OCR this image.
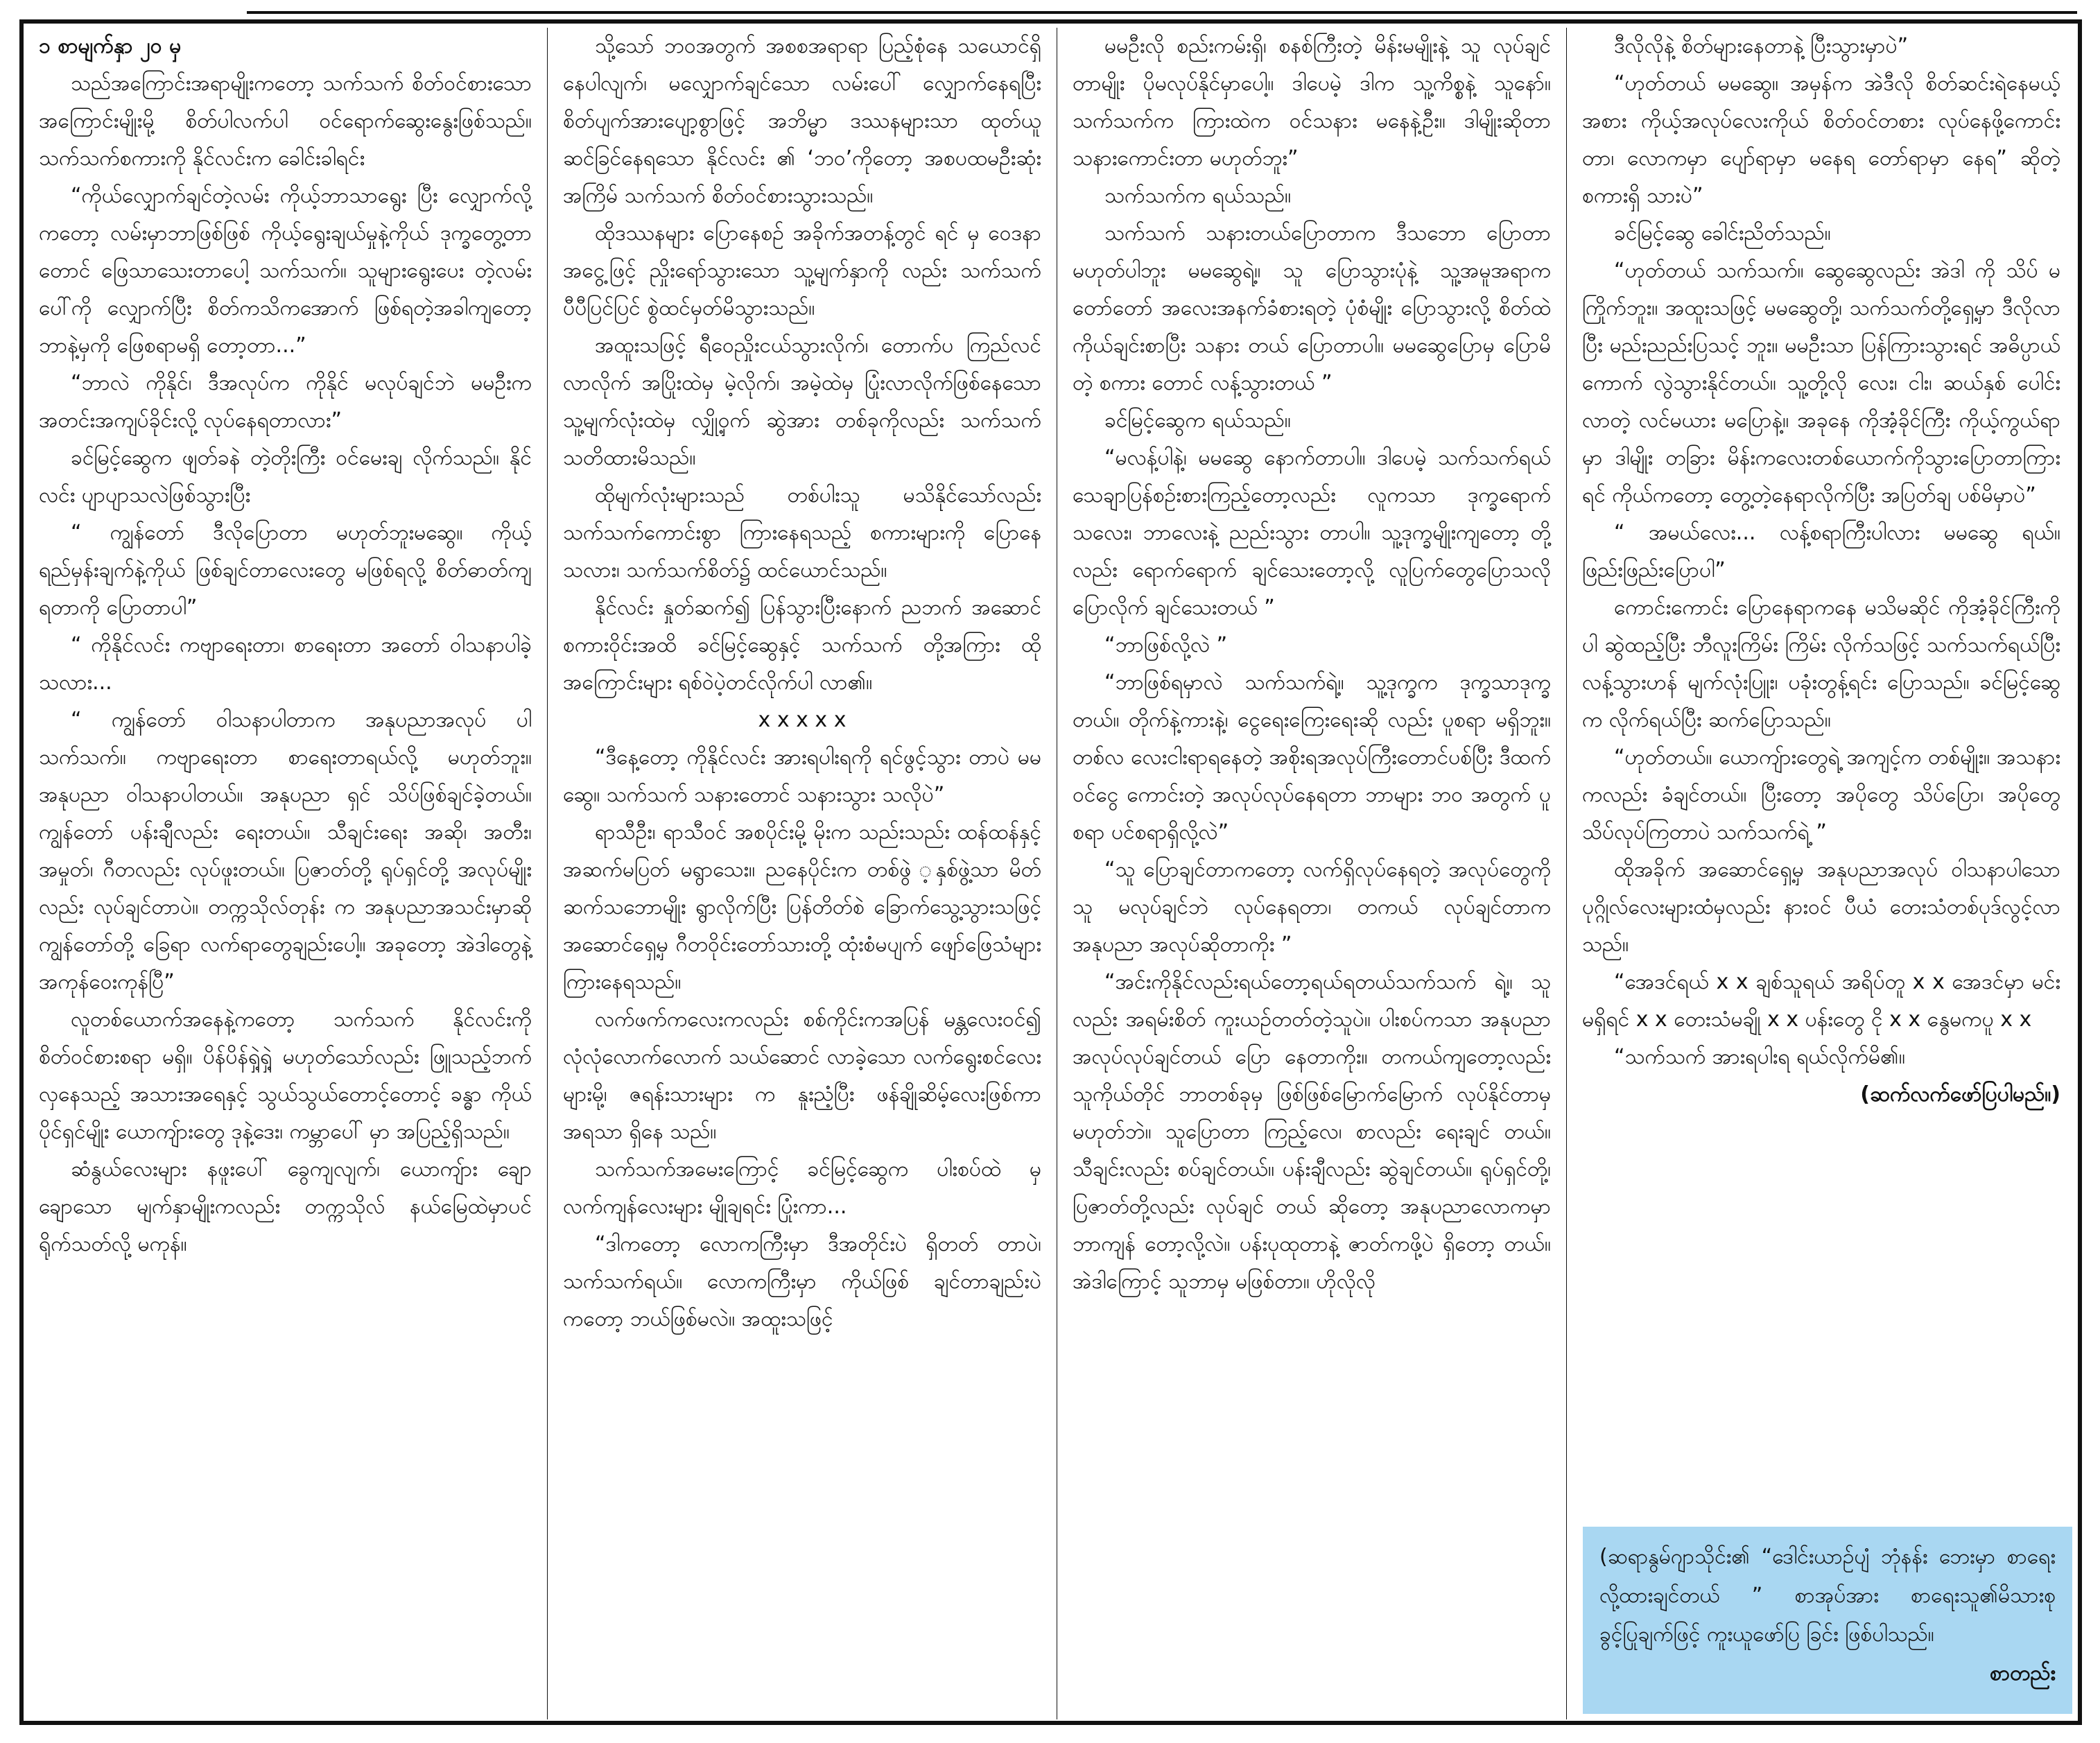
၁ စာမျက်နှာ ၂၀ မှ

သည်အကြောင်းအရာမျိုးကတော့ သက်သက် စိတ်ဝင်စားသော အကြောင်းမျိုးမို့ စိတ်ပါလက်ပါ ဝင်ရောက်ဆွေးနွေးဖြစ်သည်။ သက်သက်စကားကို နိုင်လင်းက ခေါင်းခါရင်း

“ကိုယ်လျှောက်ချင်တဲ့လမ်း ကိုယ့်ဘာသာရွေး ပြီး လျှောက်လို့ကတော့ လမ်းမှာဘာဖြစ်ဖြစ် ကိုယ့်ရွေးချယ်မှုနဲ့ကိုယ် ဒုက္ခတွေ့တာတောင် ဖြေသာသေးတာပေါ့ သက်သက်။ သူများရွေးပေး တဲ့လမ်းပေါ်ကို လျှောက်ပြီး စိတ်ကသိကအောက် ဖြစ်ရတဲ့အခါကျတော့ ဘာနဲ့မှကို ဖြေစရာမရှိ တော့တာ...”

“ဘာလဲ ကိုနိုင်၊ ဒီအလုပ်က ကိုနိုင် မလုပ်ချင်ဘဲ မမဦးက အတင်းအကျပ်ခိုင်းလို့ လုပ်နေရတာလား”

ခင်မြင့်ဆွေက ဖျတ်ခနဲ တဲ့တိုးကြီး ဝင်မေးချ လိုက်သည်။ နိုင်လင်း ပျာပျာသလဲဖြစ်သွားပြီး

“ ကျွန်တော် ဒီလိုပြောတာ မဟုတ်ဘူးမဆွေ။ ကိုယ့်ရည်မှန်းချက်နဲ့ကိုယ် ဖြစ်ချင်တာလေးတွေ မဖြစ်ရလို့ စိတ်ဓာတ်ကျရတာကို ပြောတာပါ”

“ ကိုနိုင်လင်း ကဗျာရေးတာ၊ စာရေးတာ အတော် ဝါသနာပါခဲ့သလား...

“ ကျွန်တော် ဝါသနာပါတာက အနုပညာအလုပ် ပါ သက်သက်။ ကဗျာရေးတာ စာရေးတာရယ်လို့ မဟုတ်ဘူး။ အနုပညာ ဝါသနာပါတယ်။ အနုပညာ ရှင် သိပ်ဖြစ်ချင်ခဲ့တယ်။ ကျွန်တော် ပန်းချီလည်း ရေးတယ်။ သီချင်းရေး အဆို၊ အတီး၊ အမှုတ်၊ ဂီတလည်း လုပ်ဖူးတယ်။ ပြဇာတ်တို့ ရုပ်ရှင်တို့ အလုပ်မျိုးလည်း လုပ်ချင်တာပဲ။ တက္ကသိုလ်တုန်း က အနုပညာအသင်းမှာဆို ကျွန်တော်တို့ ခြေရာ လက်ရာတွေချည်းပေါ့။ အခုတော့ အဲဒါတွေနဲ့ အကုန်ဝေးကုန်ပြီ”

လူတစ်ယောက်အနေနဲ့ကတော့ သက်သက် နိုင်လင်းကို စိတ်ဝင်စားစရာ မရှိ။ ပိန်ပိန်ရှဲ့ရှဲ့ မဟုတ်သော်လည်း ဖြူသည့်ဘက် လှနေသည့် အသားအရေနှင့် သွယ်သွယ်တောင့်တောင့် ခန္ဓာ ကိုယ် ပိုင်ရှင်မျိုး ယောကျ်ားတွေ ဒုနဲ့ဒေး၊ ကမ္ဘာပေါ် မှာ အပြည့်ရှိသည်။

ဆံနွယ်လေးများ နဖူးပေါ် ခွေကျလျက်၊ ယောကျ်ား ချောချောသော မျက်နှာမျိုးကလည်း တက္ကသိုလ် နယ်မြေထဲမှာပင် ရိုက်သတ်လို့ မကုန်။

သို့သော် ဘဝအတွက် အစစအရာရာ ပြည့်စုံနေ သယောင်ရှိနေပါလျက်၊ မလျှောက်ချင်သော လမ်းပေါ် လျှောက်နေရပြီး စိတ်ပျက်အားပျော့စွာဖြင့် အဘိမ္မာ ဒဿနများသာ ထုတ်ယူဆင်ခြင်နေရသော နိုင်လင်း ၏ ‘ဘဝ’ကိုတော့ အစပထမဦးဆုံးအကြိမ် သက်သက် စိတ်ဝင်စားသွားသည်။

ထိုဒဿနများ ပြောနေစဉ် အခိုက်အတန့်တွင် ရင် မှ ဝေဒနာအငွေ့ဖြင့် ညှိုးရော်သွားသော သူ့မျက်နှာကို လည်း သက်သက် ပီပီပြင်ပြင် စွဲထင်မှတ်မိသွားသည်။

အထူးသဖြင့် ရီဝေညှိုးငယ်သွားလိုက်၊ တောက်ပ ကြည်လင်လာလိုက် အပြိုးထဲမှ မဲ့လိုက်၊ အမဲ့ထဲမှ ပြုံးလာလိုက်ဖြစ်နေသော သူ့မျက်လုံးထဲမှ လျှို့ဝှက် ဆွဲအား တစ်ခုကိုလည်း သက်သက် သတိထားမိသည်။

ထိုမျက်လုံးများသည် တစ်ပါးသူ မသိနိုင်သော်လည်း သက်သက်ကောင်းစွာ ကြားနေရသည့် စကားများကို ပြောနေသလား၊ သက်သက်စိတ်၌ ထင်ယောင်သည်။

နိုင်လင်း နှုတ်ဆက်၍ ပြန်သွားပြီးနောက် ညဘက် အဆောင် စကားဝိုင်းအထိ ခင်မြင့်ဆွေနှင့် သက်သက် တို့အကြား ထိုအကြောင်းများ ရစ်ဝဲပဲ့တင်လိုက်ပါ လာ၏။

x x x x x

“ဒီနေ့တော့ ကိုနိုင်လင်း အားရပါးရကို ရင်ဖွင့်သွား တာပဲ မမဆွေ။ သက်သက် သနားတောင် သနားသွား သလိုပဲ”

ရာသီဦး၊ ရာသီဝင် အစပိုင်းမို့ မိုးက သည်းသည်း ထန်ထန်နှင့် အဆက်မပြတ် မရွာသေး။ ညနေပိုင်းက တစ်ဖွဲ ့နှစ်ဖွဲ့သာ မိတ်ဆက်သဘောမျိုး ရွာလိုက်ပြီး ပြန်တိတ်စဲ ခြောက်သွေ့သွားသဖြင့် အဆောင်ရှေ့မှ ဂီတဝိုင်းတော်သားတို့ ထုံးစံမပျက် ဖျော်ဖြေသံများ ကြားနေရသည်။

လက်ဖက်ကလေးကလည်း စစ်ကိုင်းကအပြန် မန္တလေးဝင်၍ လုံလုံလောက်လောက် သယ်ဆောင် လာခဲ့သော လက်ရွေးစင်လေးများမို့၊ ဇရန်းသားများ က နူးညံ့ပြီး ဖန်ချိုဆိမ့်လေးဖြစ်ကာ အရသာ ရှိနေ သည်။

သက်သက်အမေးကြောင့် ခင်မြင့်ဆွေက ပါးစပ်ထဲ မှ လက်ကျန်လေးများ မျိုချရင်း ပြုံးကာ...

“ဒါကတော့ လောကကြီးမှာ ဒီအတိုင်းပဲ ရှိတတ် တာပဲ၊ သက်သက်ရယ်။ လောကကြီးမှာ ကိုယ်ဖြစ် ချင်တာချည်းပဲကတော့ ဘယ်ဖြစ်မလဲ။ အထူးသဖြင့်

မမဦးလို စည်းကမ်းရှိ၊ စနစ်ကြီးတဲ့ မိန်းမမျိုးနဲ့ သူ လုပ်ချင်တာမျိုး ပိုမလုပ်နိုင်မှာပေါ့။ ဒါပေမဲ့ ဒါက သူ့ကိစ္စနဲ့ သူနော်။ သက်သက်က ကြားထဲက ဝင်သနား မနေနဲ့ဦး။ ဒါမျိုးဆိုတာ သနားကောင်းတာ မဟုတ်ဘူး”

သက်သက်က ရယ်သည်။

သက်သက် သနားတယ်ပြောတာက ဒီသဘော ပြောတာ မဟုတ်ပါဘူး မမဆွေရဲ့။ သူ ပြောသွားပုံနဲ့ သူ့အမူအရာက တော်တော် အလေးအနက်ခံစားရတဲ့ ပုံစံမျိုး ပြောသွားလို့ စိတ်ထဲကိုယ်ချင်းစာပြီး သနား တယ် ပြောတာပါ။ မမဆွေပြောမှ ပြောမိတဲ့ စကား တောင် လန့်သွားတယ် ”

ခင်မြင့်ဆွေက ရယ်သည်။

“မလန့်ပါနဲ့၊ မမဆွေ နောက်တာပါ။ ဒါပေမဲ့ သက်သက်ရယ် သေချာပြန်စဉ်းစားကြည့်တော့လည်း လူကသာ ဒုက္ခရောက်သလေး၊ ဘာလေးနဲ့ ညည်းသွား တာပါ။ သူ့ဒုက္ခမျိုးကျတော့ တို့လည်း ရောက်ရောက် ချင်သေးတော့လို့ လူပြက်တွေပြောသလို ပြောလိုက် ချင်သေးတယ် ”

“ဘာဖြစ်လို့လဲ ”

“ဘာဖြစ်ရမှာလဲ သက်သက်ရဲ့။ သူ့ဒုက္ခက ဒုက္ခသာဒုက္ခတယ်။ တိုက်နဲ့ကားနဲ့၊ ငွေရေးကြေးရေးဆို လည်း ပူစရာ မရှိဘူး။ တစ်လ လေးငါးရာရနေတဲ့ အစိုးရအလုပ်ကြီးတောင်ပစ်ပြီး ဒီထက်ဝင်ငွေ ကောင်းတဲ့ အလုပ်လုပ်နေရတာ ဘာများ ဘဝ အတွက် ပူစရာ ပင်စရာရှိလို့လဲ”

“သူ ပြောချင်တာကတော့ လက်ရှိလုပ်နေရတဲ့ အလုပ်တွေကို သူ မလုပ်ချင်ဘဲ လုပ်နေရတာ၊ တကယ် လုပ်ချင်တာက အနုပညာ အလုပ်ဆိုတာကိုး ”

“အင်းကိုနိုင်လည်းရယ်တော့ရယ်ရတယ်သက်သက် ရဲ့။ သူလည်း အရမ်းစိတ် ကူးယဉ်တတ်တဲ့သူပဲ။ ပါးစပ်ကသာ အနုပညာအလုပ်လုပ်ချင်တယ် ပြော နေတာကိုး။ တကယ်ကျတော့လည်း သူကိုယ်တိုင် ဘာတစ်ခုမှ ဖြစ်ဖြစ်မြောက်မြောက် လုပ်နိုင်တာမှ မဟုတ်ဘဲ။ သူပြောတာ ကြည့်လေ၊ စာလည်း ရေးချင် တယ်။ သီချင်းလည်း စပ်ချင်တယ်။ ပန်းချီလည်း ဆွဲချင်တယ်။ ရုပ်ရှင်တို့၊ ပြဇာတ်တို့လည်း လုပ်ချင် တယ် ဆိုတော့ အနုပညာလောကမှာ ဘာကျန် တော့လို့လဲ။ ပန်းပုထုတာနဲ့ ဇာတ်ကဖို့ပဲ ရှိတော့ တယ်။ အဲဒါကြောင့် သူဘာမှ မဖြစ်တာ။ ဟိုလိုလို

ဒီလိုလိုနဲ့ စိတ်များနေတာနဲ့ ပြီးသွားမှာပဲ”

“ဟုတ်တယ် မမဆွေ။ အမှန်က အဲဒီလို စိတ်ဆင်းရဲနေမယ့်အစား ကိုယ့်အလုပ်လေးကိုယ် စိတ်ဝင်တစား လုပ်နေဖို့ကောင်းတာ၊ လောကမှာ ပျော်ရာမှာ မနေရ တော်ရာမှာ နေရ” ဆိုတဲ့စကားရှိ သားပဲ”

ခင်မြင့်ဆွေ ခေါင်းညိတ်သည်။

“ဟုတ်တယ် သက်သက်။ ဆွေဆွေလည်း အဲဒါ ကို သိပ် မကြိုက်ဘူး။ အထူးသဖြင့် မမဆွေတို့၊ သက်သက်တို့ရှေ့မှာ ဒီလိုလာပြီး မည်းညည်းပြသင့် ဘူး။ မမဦးသာ ပြန်ကြားသွားရင် အဓိပ္ပာယ်ကောက် လွဲသွားနိုင်တယ်။ သူ့တို့လို လေး၊ ငါး၊ ဆယ်နှစ် ပေါင်းလာတဲ့ လင်မယား မပြောနဲ့။ အခုနေ ကိုအံ့ခိုင်ကြီး ကိုယ့်ကွယ်ရာမှာ ဒါမျိုး တခြား မိန်းကလေးတစ်ယောက်ကိုသွားပြောတာကြားရင် ကိုယ်ကတော့ တွေ့တဲ့နေရာလိုက်ပြီး အပြတ်ချ ပစ်မိမှာပဲ”

“ အမယ်လေး... လန့်စရာကြီးပါလား မမဆွေ ရယ်။ ဖြည်းဖြည်းပြောပါ”

ကောင်းကောင်း ပြောနေရာကနေ မသိမဆိုင် ကိုအံ့ခိုင်ကြီးကိုပါ ဆွဲထည့်ပြီး ဘီလူးကြိမ်း ကြိမ်း လိုက်သဖြင့် သက်သက်ရယ်ပြီး လန့်သွားဟန် မျက်လုံးပြူး၊ ပခုံးတွန့်ရင်း ပြောသည်။ ခင်မြင့်ဆွေ က လိုက်ရယ်ပြီး ဆက်ပြောသည်။

“ဟုတ်တယ်။ ယောကျ်ားတွေရဲ့ အကျင့်က တစ်မျိုး။ အသနားကလည်း ခံချင်တယ်။ ပြီးတော့ အပိုတွေ သိပ်ပြော၊ အပိုတွေ သိပ်လုပ်ကြတာပဲ သက်သက်ရဲ့ ”

ထိုအခိုက် အဆောင်ရှေ့မှ အနုပညာအလုပ် ဝါသနာပါသော ပုဂ္ဂိုလ်လေးများထံမှလည်း နားဝင် ပီယံ တေးသံတစ်ပုဒ်လွင့်လာသည်။

“အေဒင်ရယ် x x ချစ်သူရယ် အရိပ်တူ x x အေဒင်မှာ မင်းမရှိရင် x x တေးသံမချို x x ပန်းတွေ ငို x x နွေမကပူ x x

“သက်သက် အားရပါးရ ရယ်လိုက်မိ၏။

(ဆက်လက်ဖော်ပြပါမည်။)

(ဆရာနွမ်ဂျာသိုင်း၏ “ဒေါင်းယာဉ်ပျံ ဘုံနန်း ဘေးမှာ စာရေးလို့ထားချင်တယ် ” စာအုပ်အား စာရေးသူ၏မိသားစု ခွင့်ပြုချက်ဖြင့် ကူးယူဖော်ပြ ခြင်း ဖြစ်ပါသည်။

စာတည်း
